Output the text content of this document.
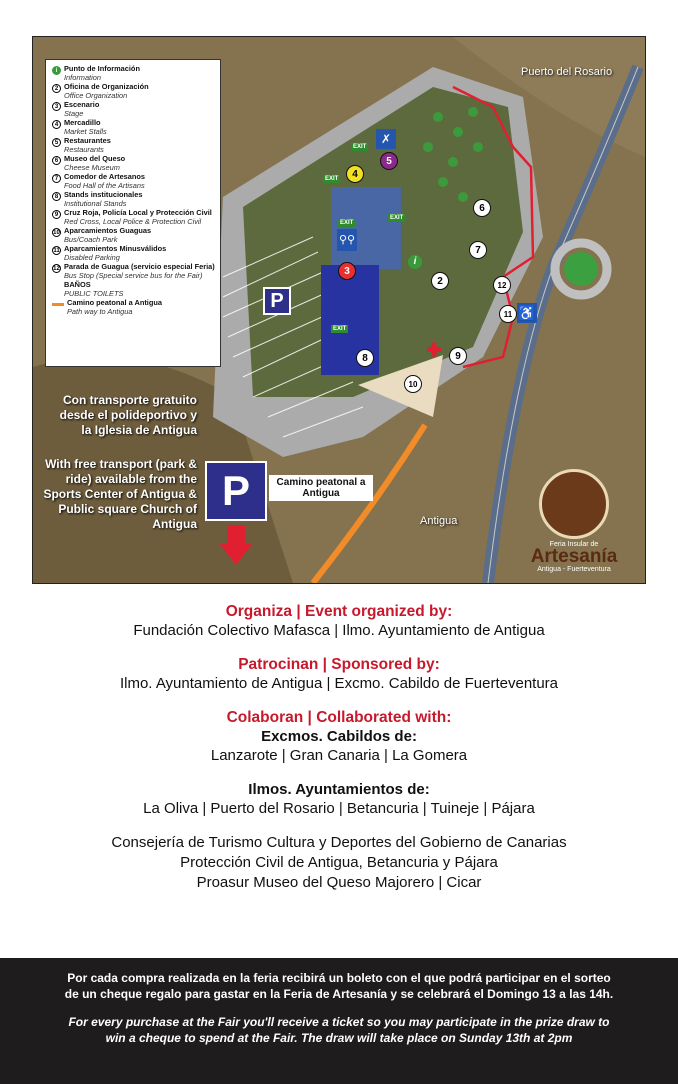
i Punto de Información
Information
2 Oficina de Organización
Office Organization
3 Escenario
Stage
4 Mercadillo
Market Stalls
5 Restaurantes
Restaurants
6 Museo del Queso
Cheese Museum
7 Comedor de Artesanos
Food Hall of the Artisans
8 Stands institucionales
Institutional Stands
9 Cruz Roja, Policía Local y Protección Civil
Red Cross, Local Police & Protection Civil
10 Aparcamientos Guaguas
Bus/Coach Park
11 Aparcamientos Minusválidos
Disabled Parking
12 Parada de Guagua (servicio especial Feria)
Bus Stop (Special service bus for the Fair)
BAÑOS
PUBLIC TOILETS
Camino peatonal a Antigua
Path way to Antigua
Puerto del Rosario
Antigua
P
P
EXIT
EXIT
EXIT
EXIT
EXIT
2
3
4
5
6
7
8	9
10
11
12
i
♿
⚲⚲
✗
Con transporte gratuito desde el polideportivo y la Iglesia de Antigua
With free transport (park & ride) available from the Sports Center of Antigua & Public square Church of Antigua
Camino peatonal a Antigua
Feria Insular de
Artesanía
Antigua - Fuerteventura
Organiza | Event organized by:
Fundación Colectivo Mafasca | Ilmo. Ayuntamiento de Antigua
Patrocinan | Sponsored by:
Ilmo. Ayuntamiento de Antigua | Excmo. Cabildo de Fuerteventura
Colaboran | Collaborated with:
Excmos. Cabildos de:
Lanzarote | Gran Canaria | La Gomera
Ilmos. Ayuntamientos de:
La Oliva | Puerto del Rosario | Betancuria | Tuineje | Pájara
Consejería de Turismo Cultura y Deportes del Gobierno de Canarias
Protección Civil de Antigua, Betancuria y Pájara
Proasur Museo del Queso Majorero | Cicar
Por cada compra realizada en la feria recibirá un boleto con el que podrá participar en el sorteo
de un cheque regalo para gastar en la Feria de Artesanía y se celebrará el Domingo 13 a las 14h.
For every purchase at the Fair you'll receive a ticket so you may participate in the prize draw to
win a cheque to spend at the Fair. The draw will take place on Sunday 13th at 2pm
